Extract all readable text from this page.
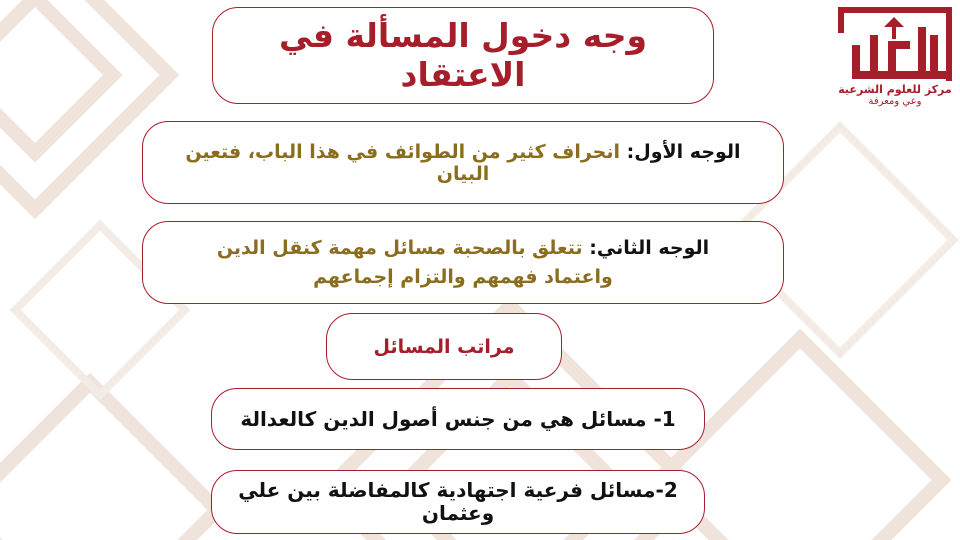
مركز للعلوم الشرعية
وعي ومعرفة
وجه دخول المسألة في
الاعتقاد
الوجه الأول: انحراف كثير من الطوائف في هذا الباب، فتعين البيان
الوجه الثاني: تتعلق بالصحبة مسائل مهمة كنقل الدين واعتماد فهمهم والتزام إجماعهم
مراتب المسائل
1- مسائل هي من جنس أصول الدين كالعدالة
2-مسائل فرعية اجتهادية كالمفاضلة بين علي
وعثمان
